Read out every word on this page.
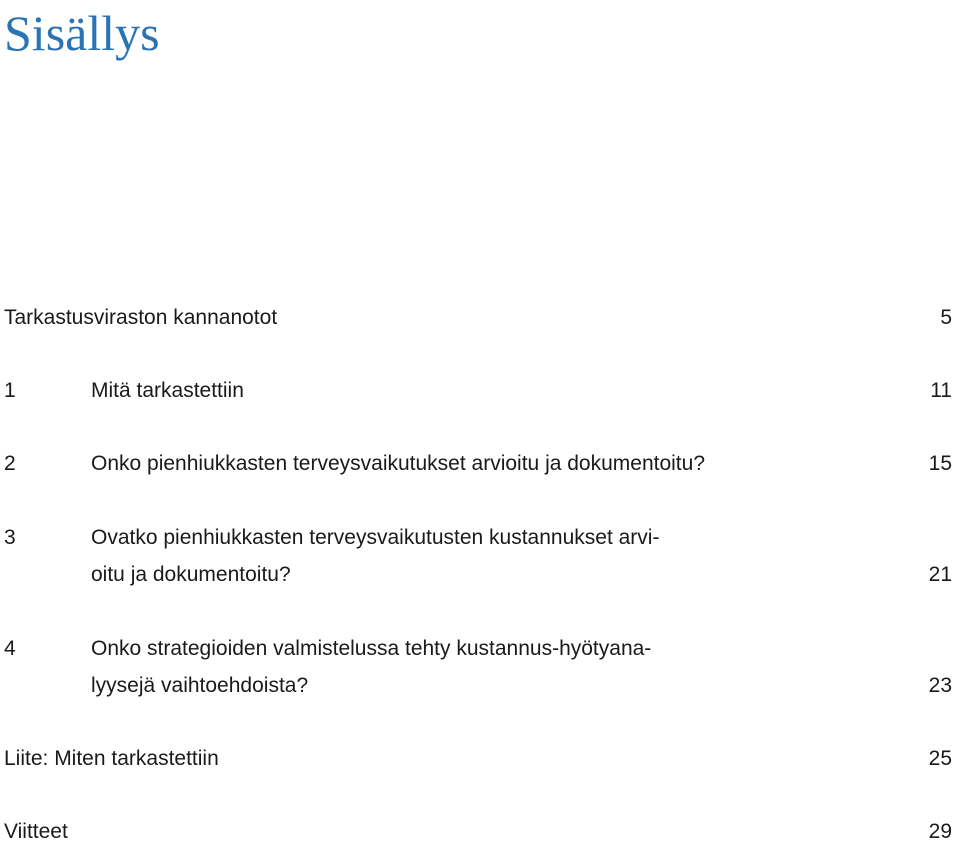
Sisällys
Tarkastusviraston kannanotot	5
1	Mitä tarkastettiin	11
2	Onko pienhiukkasten terveysvaikutukset arvioitu ja dokumentoitu?	15
3	Ovatko pienhiukkasten terveysvaikutusten kustannukset arvi-
oitu ja dokumentoitu?	21
4	Onko strategioiden valmistelussa tehty kustannus-hyötyana-
lyysejä vaihtoehdoista?	23
Liite: Miten tarkastettiin	25
Viitteet	29
